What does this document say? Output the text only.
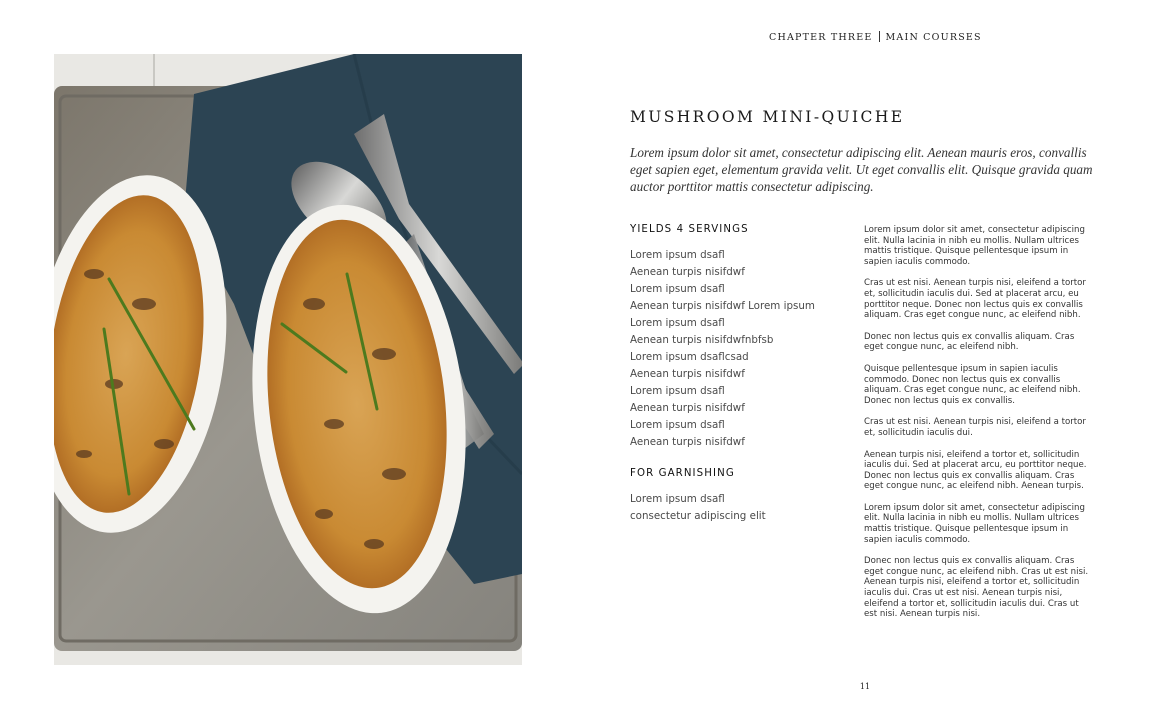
CHAPTER THREE MAIN COURSES
MUSHROOM MINI-QUICHE
Lorem ipsum dolor sit amet, consectetur adipiscing elit. Aenean mauris eros, convallis eget sapien eget, elementum gravida velit. Ut eget convallis elit. Quisque gravida quam auctor porttitor mattis consectetur adipiscing.
YIELDS 4 SERVINGS
Lorem ipsum dsafl
Aenean turpis nisifdwf
Lorem ipsum dsafl
Aenean turpis nisifdwf Lorem ipsum
Lorem ipsum dsafl
Aenean turpis nisifdwfnbfsb
Lorem ipsum dsaflcsad
Aenean turpis nisifdwf
Lorem ipsum dsafl
Aenean turpis nisifdwf
Lorem ipsum dsafl
Aenean turpis nisifdwf
FOR GARNISHING
Lorem ipsum dsafl
consectetur adipiscing elit

Lorem ipsum dolor sit amet, consectetur adipiscing elit. Nulla lacinia in nibh eu mollis. Nullam ultrices mattis tristique. Quisque pellentesque ipsum in sapien iaculis commodo.

Cras ut est nisi. Aenean turpis nisi, eleifend a tortor et, sollicitudin iaculis dui. Sed at placerat arcu, eu porttitor neque. Donec non lectus quis ex convallis aliquam. Cras eget congue nunc, ac eleifend nibh.

Donec non lectus quis ex convallis aliquam. Cras eget congue nunc, ac eleifend nibh.

Quisque pellentesque ipsum in sapien iaculis commodo. Donec non lectus quis ex convallis aliquam. Cras eget congue nunc, ac eleifend nibh. Donec non lectus quis ex convallis.

Cras ut est nisi. Aenean turpis nisi, eleifend a tortor et, sollicitudin iaculis dui.

Aenean turpis nisi, eleifend a tortor et, sollicitudin iaculis dui. Sed at placerat arcu, eu porttitor neque. Donec non lectus quis ex convallis aliquam. Cras eget congue nunc, ac eleifend nibh. Aenean turpis.

Lorem ipsum dolor sit amet, consectetur adipiscing elit. Nulla lacinia in nibh eu mollis. Nullam ultrices mattis tristique. Quisque pellentesque ipsum in sapien iaculis commodo.

Donec non lectus quis ex convallis aliquam. Cras eget congue nunc, ac eleifend nibh. Cras ut est nisi. Aenean turpis nisi, eleifend a tortor et, sollicitudin iaculis dui. Cras ut est nisi. Aenean turpis nisi, eleifend a tortor et, sollicitudin iaculis dui. Cras ut est nisi. Aenean turpis nisi.

11
